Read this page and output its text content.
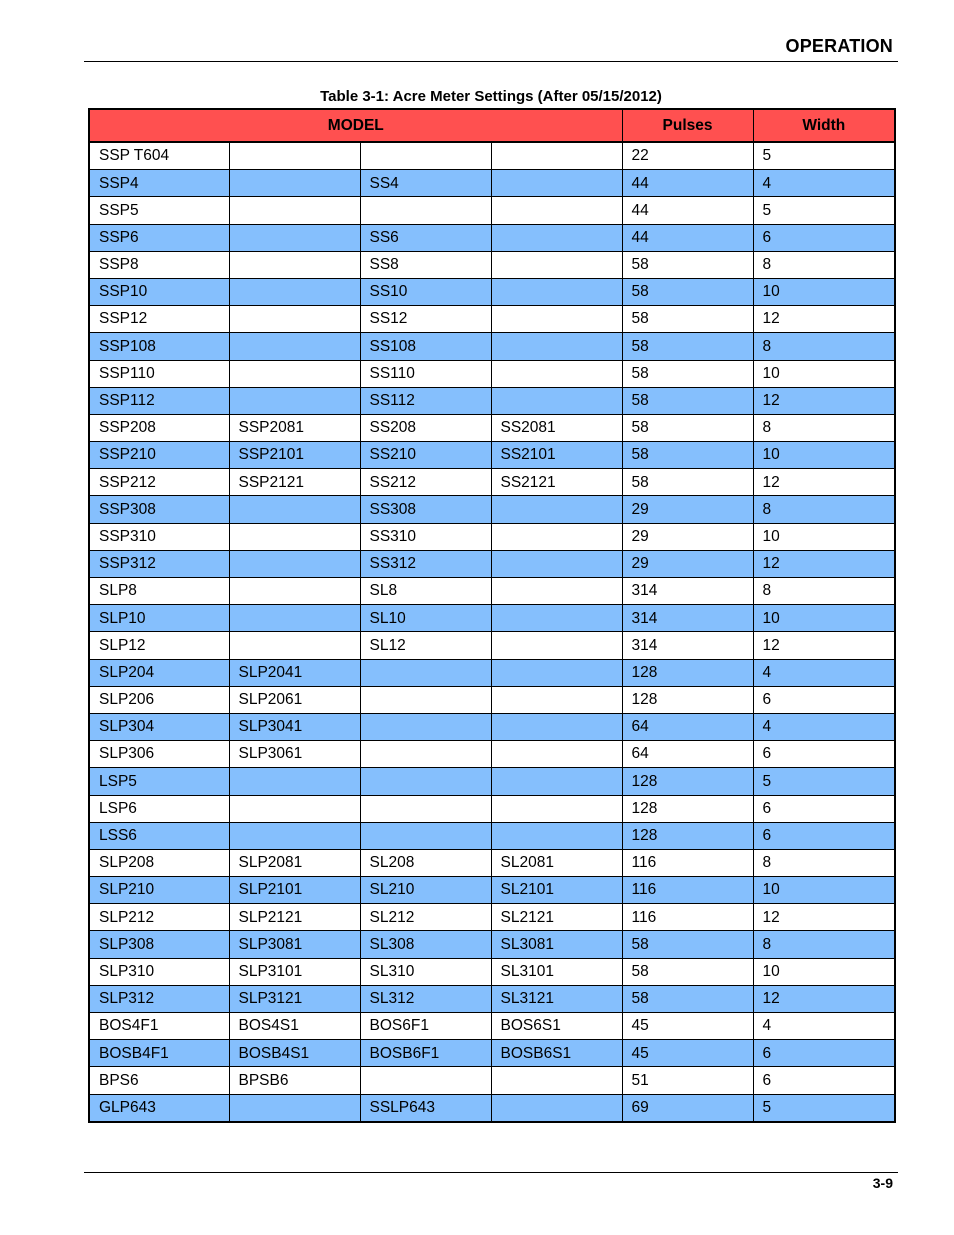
OPERATION
Table 3-1: Acre Meter Settings (After 05/15/2012)
MODEL				Pulses	Width
SSP T604				22	5
SSP4		SS4		44	4
SSP5				44	5
SSP6		SS6		44	6
SSP8		SS8		58	8
SSP10		SS10		58	10
SSP12		SS12		58	12
SSP108		SS108		58	8
SSP110		SS110		58	10
SSP112		SS112		58	12
SSP208	SSP2081	SS208	SS2081	58	8
SSP210	SSP2101	SS210	SS2101	58	10
SSP212	SSP2121	SS212	SS2121	58	12
SSP308		SS308		29	8
SSP310		SS310		29	10
SSP312		SS312		29	12
SLP8		SL8		314	8
SLP10		SL10		314	10
SLP12		SL12		314	12
SLP204	SLP2041			128	4
SLP206	SLP2061			128	6
SLP304	SLP3041			64	4
SLP306	SLP3061			64	6
LSP5				128	5
LSP6				128	6
LSS6				128	6
SLP208	SLP2081	SL208	SL2081	116	8
SLP210	SLP2101	SL210	SL2101	116	10
SLP212	SLP2121	SL212	SL2121	116	12
SLP308	SLP3081	SL308	SL3081	58	8
SLP310	SLP3101	SL310	SL3101	58	10
SLP312	SLP3121	SL312	SL3121	58	12
BOS4F1	BOS4S1	BOS6F1	BOS6S1	45	4
BOSB4F1	BOSB4S1	BOSB6F1	BOSB6S1	45	6
BPS6	BPSB6			51	6
GLP643		SSLP643		69	5
3-9
